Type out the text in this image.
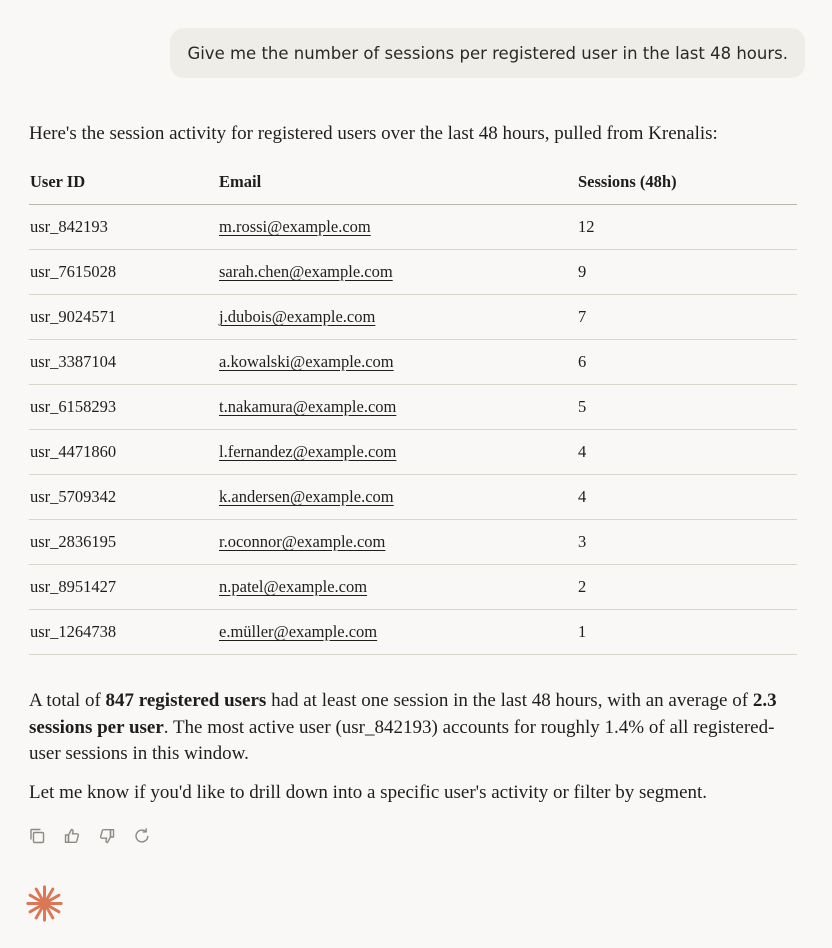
Give me the number of sessions per registered user in the last 48 hours.

Here's the session activity for registered users over the last 48 hours, pulled from Krenalis:

User ID	Email	Sessions (48h)
usr_842193	m.rossi@example.com	12
usr_7615028	sarah.chen@example.com	9
usr_9024571	j.dubois@example.com	7
usr_3387104	a.kowalski@example.com	6
usr_6158293	t.nakamura@example.com	5
usr_4471860	l.fernandez@example.com	4
usr_5709342	k.andersen@example.com	4
usr_2836195	r.oconnor@example.com	3
usr_8951427	n.patel@example.com	2
usr_1264738	e.müller@example.com	1

A total of 847 registered users had at least one session in the last 48 hours, with an average of 2.3 sessions per user. The most active user (usr_842193) accounts for roughly 1.4% of all registered-user sessions in this window.

Let me know if you'd like to drill down into a specific user's activity or filter by segment.
